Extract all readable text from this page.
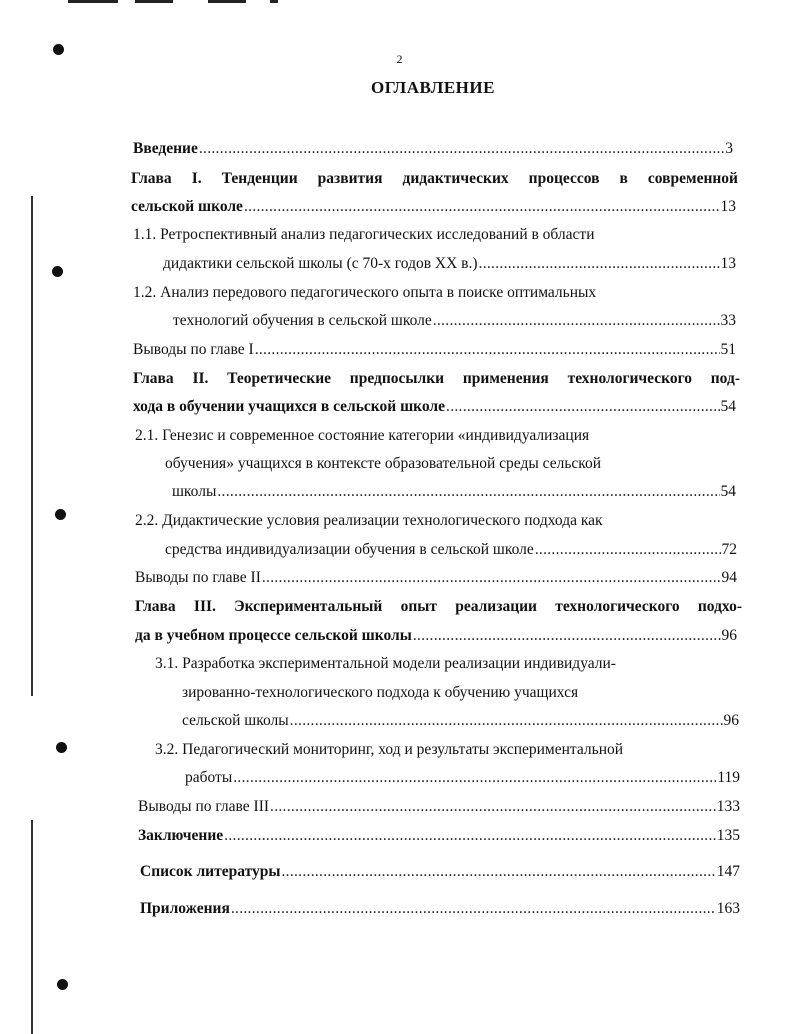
2
ОГЛАВЛЕНИЕ
Введение .....	3
Глава I. Тенденции развития дидактических процессов в современной
сельской школе .....	13
1.1. Ретроспективный анализ педагогических исследований в области
дидактики сельской школы (с 70-х годов XX в.) .....	13
1.2. Анализ передового педагогического опыта в поиске оптимальных
технологий обучения в сельской школе .....	33
Выводы по главе I .....	51
Глава II. Теоретические предпосылки применения технологического под-
хода в обучении учащихся в сельской школе .....	54
2.1. Генезис и современное состояние категории «индивидуализация
обучения» учащихся в контексте образовательной среды сельской
школы .....	54
2.2. Дидактические условия реализации технологического подхода как
средства индивидуализации обучения в сельской школе .....	72
Выводы по главе II .....	94
Глава III. Экспериментальный опыт реализации технологического подхо-
да в учебном процессе сельской школы .....	96
3.1. Разработка экспериментальной модели реализации индивидуали-
зированно-технологического подхода к обучению учащихся
сельской школы .....	96
3.2. Педагогический мониторинг, ход и результаты экспериментальной
работы .....	119
Выводы по главе III .....	133
Заключение .....	135
Список литературы .....	147
Приложения .....	163
